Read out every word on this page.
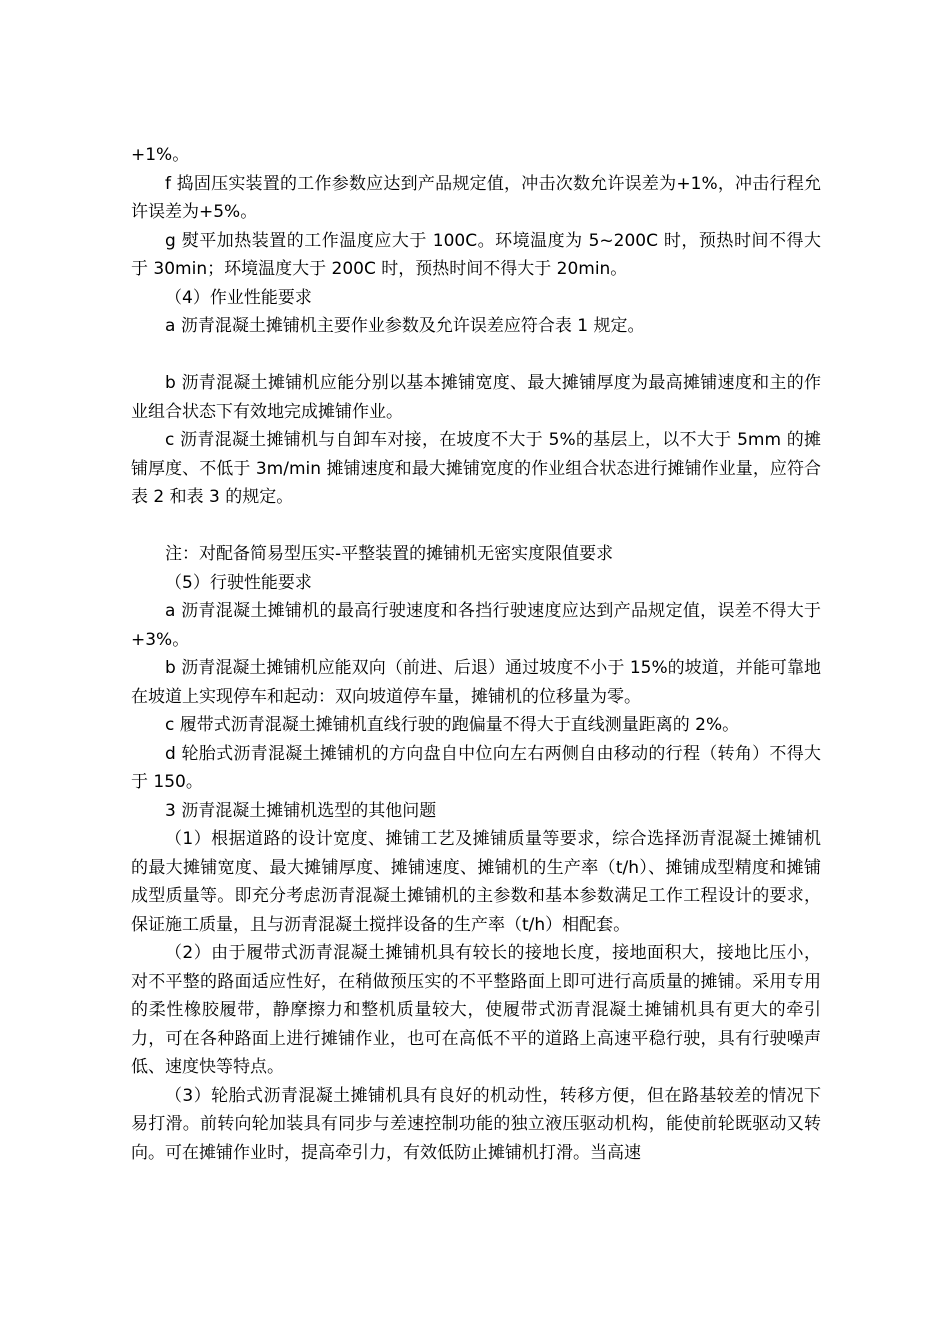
+1%。

f 捣固压实装置的工作参数应达到产品规定值，冲击次数允许误差为+1%，冲击行程允许误差为+5%。

g 熨平加热装置的工作温度应大于 100C。环境温度为 5~200C 时，预热时间不得大于 30min；环境温度大于 200C 时，预热时间不得大于 20min。

（4）作业性能要求

a 沥青混凝土摊铺机主要作业参数及允许误差应符合表 1 规定。

b 沥青混凝土摊铺机应能分别以基本摊铺宽度、最大摊铺厚度为最高摊铺速度和主的作业组合状态下有效地完成摊铺作业。

c 沥青混凝土摊铺机与自卸车对接，在坡度不大于 5%的基层上，以不大于 5mm 的摊铺厚度、不低于 3m/min 摊铺速度和最大摊铺宽度的作业组合状态进行摊铺作业量，应符合表 2 和表 3 的规定。

注：对配备简易型压实-平整装置的摊铺机无密实度限值要求

（5）行驶性能要求

a 沥青混凝土摊铺机的最高行驶速度和各挡行驶速度应达到产品规定值，误差不得大于+3%。

b 沥青混凝土摊铺机应能双向（前进、后退）通过坡度不小于 15%的坡道，并能可靠地在坡道上实现停车和起动：双向坡道停车量，摊铺机的位移量为零。

c 履带式沥青混凝土摊铺机直线行驶的跑偏量不得大于直线测量距离的 2%。

d 轮胎式沥青混凝土摊铺机的方向盘自中位向左右两侧自由移动的行程（转角）不得大于 150。

3 沥青混凝土摊铺机选型的其他问题

（1）根据道路的设计宽度、摊铺工艺及摊铺质量等要求，综合选择沥青混凝土摊铺机的最大摊铺宽度、最大摊铺厚度、摊铺速度、摊铺机的生产率（t/h）、摊铺成型精度和摊铺成型质量等。即充分考虑沥青混凝土摊铺机的主参数和基本参数满足工作工程设计的要求，保证施工质量，且与沥青混凝土搅拌设备的生产率（t/h）相配套。

（2）由于履带式沥青混凝土摊铺机具有较长的接地长度，接地面积大，接地比压小，对不平整的路面适应性好，在稍做预压实的不平整路面上即可进行高质量的摊铺。采用专用的柔性橡胶履带，静摩擦力和整机质量较大，使履带式沥青混凝土摊铺机具有更大的牵引力，可在各种路面上进行摊铺作业，也可在高低不平的道路上高速平稳行驶，具有行驶噪声低、速度快等特点。

（3）轮胎式沥青混凝土摊铺机具有良好的机动性，转移方便，但在路基较差的情况下易打滑。前转向轮加装具有同步与差速控制功能的独立液压驱动机构，能使前轮既驱动又转向。可在摊铺作业时，提高牵引力，有效低防止摊铺机打滑。当高速
